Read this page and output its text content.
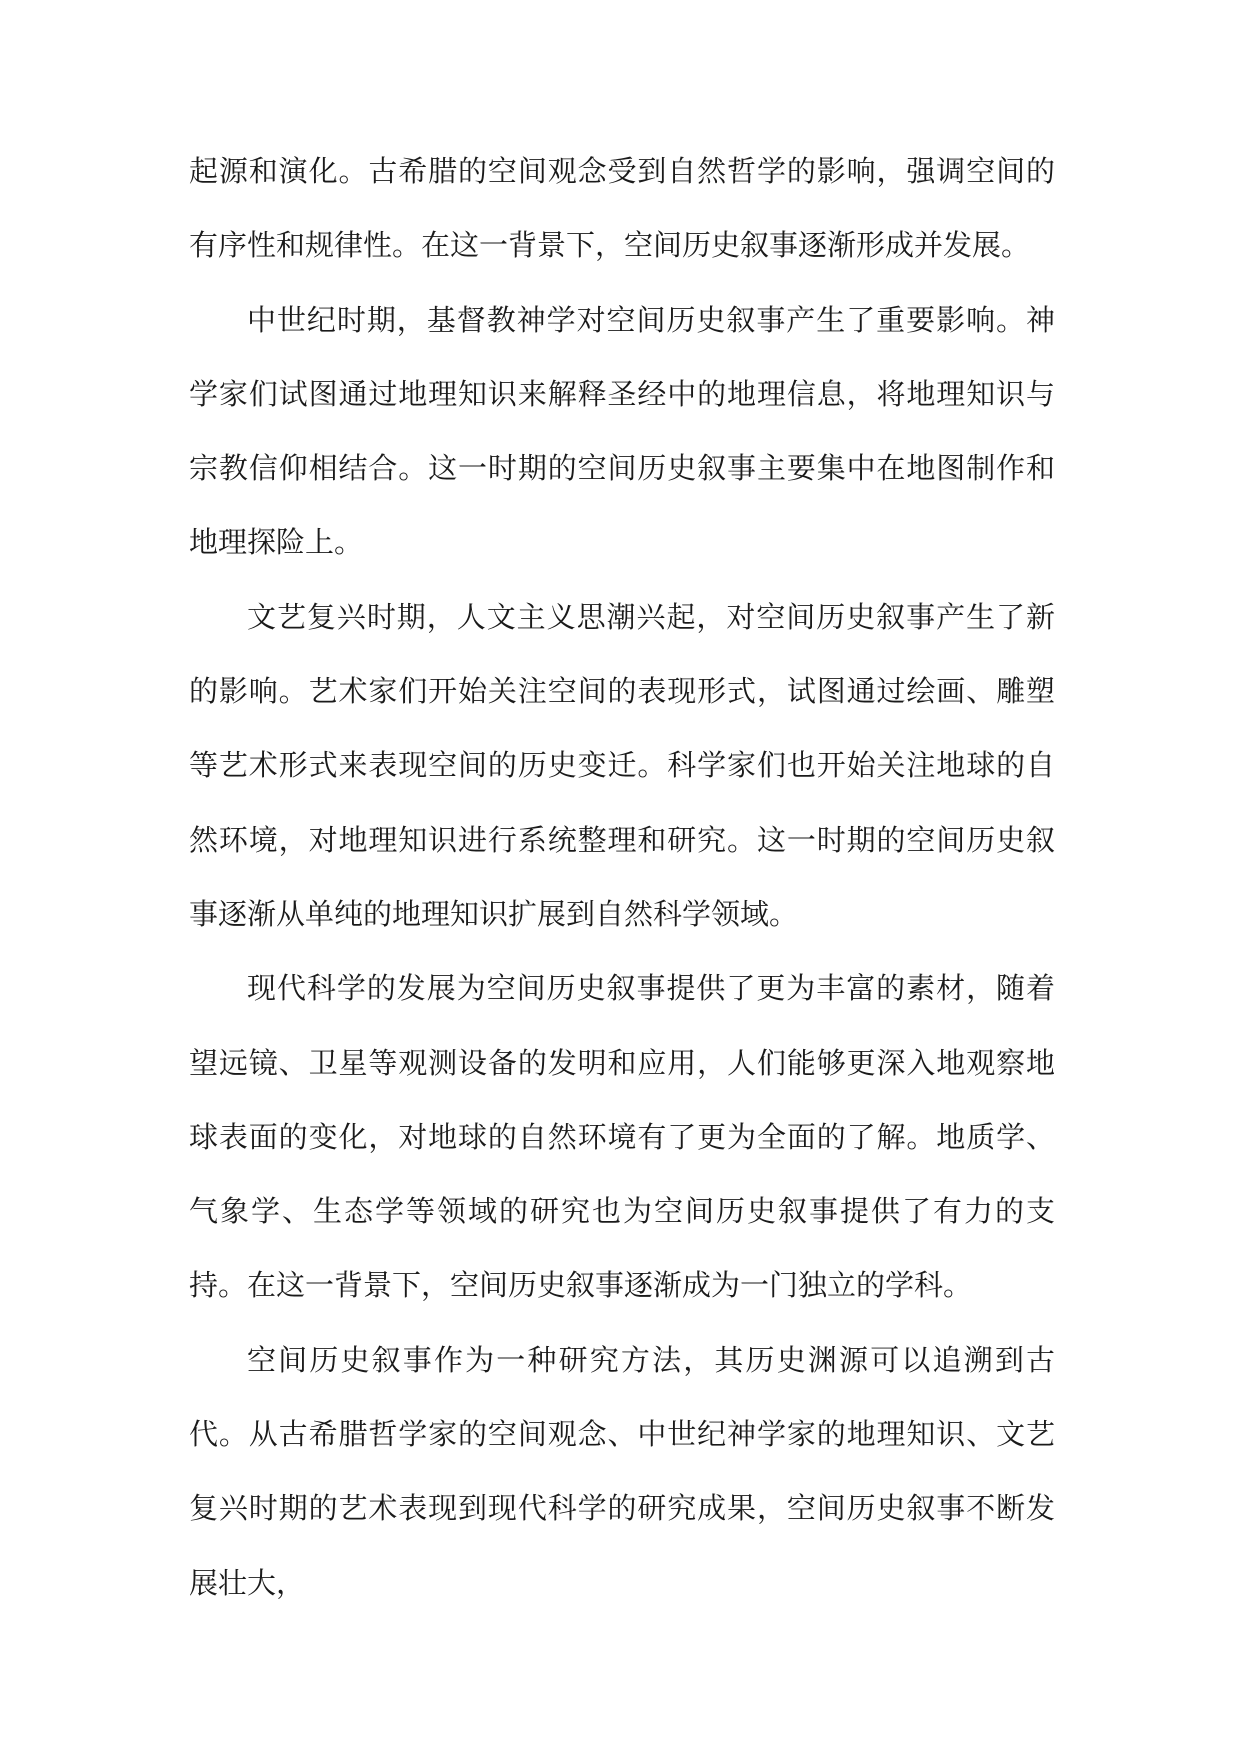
起源和演化。古希腊的空间观念受到自然哲学的影响，强调空间的有序性和规律性。在这一背景下，空间历史叙事逐渐形成并发展。

中世纪时期，基督教神学对空间历史叙事产生了重要影响。神学家们试图通过地理知识来解释圣经中的地理信息，将地理知识与宗教信仰相结合。这一时期的空间历史叙事主要集中在地图制作和地理探险上。

文艺复兴时期，人文主义思潮兴起，对空间历史叙事产生了新的影响。艺术家们开始关注空间的表现形式，试图通过绘画、雕塑等艺术形式来表现空间的历史变迁。科学家们也开始关注地球的自然环境，对地理知识进行系统整理和研究。这一时期的空间历史叙事逐渐从单纯的地理知识扩展到自然科学领域。

现代科学的发展为空间历史叙事提供了更为丰富的素材，随着望远镜、卫星等观测设备的发明和应用，人们能够更深入地观察地球表面的变化，对地球的自然环境有了更为全面的了解。地质学、气象学、生态学等领域的研究也为空间历史叙事提供了有力的支持。在这一背景下，空间历史叙事逐渐成为一门独立的学科。

空间历史叙事作为一种研究方法，其历史渊源可以追溯到古代。从古希腊哲学家的空间观念、中世纪神学家的地理知识、文艺复兴时期的艺术表现到现代科学的研究成果，空间历史叙事不断发展壮大，
